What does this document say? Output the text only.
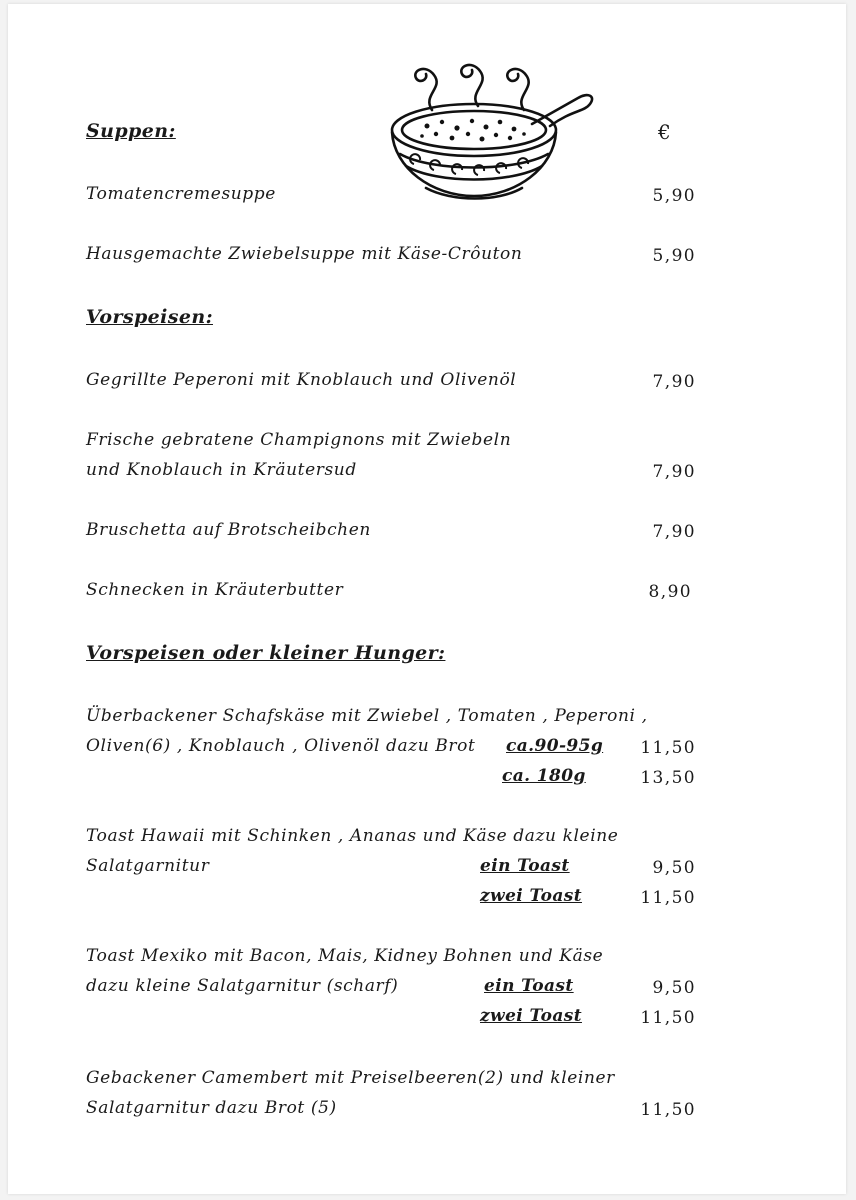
Suppen:	€
Tomatencremesuppe	5,90
Hausgemachte Zwiebelsuppe mit Käse-Crôuton	5,90
Vorspeisen:
Gegrillte Peperoni mit Knoblauch und Olivenöl	7,90
Frische gebratene Champignons mit Zwiebeln
und Knoblauch in Kräutersud	7,90
Bruschetta auf Brotscheibchen	7,90
Schnecken in Kräuterbutter	8,90
Vorspeisen oder kleiner Hunger:
Überbackener Schafskäse mit Zwiebel , Tomaten , Peperoni ,
Oliven(6) , Knoblauch , Olivenöl dazu Brot ca.90-95g	11,50
ca. 180g	13,50
Toast Hawaii mit Schinken , Ananas und Käse dazu kleine
Salatgarnitur	ein Toast	9,50
zwei Toast	11,50
Toast Mexiko mit Bacon, Mais, Kidney Bohnen und Käse
dazu kleine Salatgarnitur (scharf)	ein Toast	9,50
zwei Toast	11,50
Gebackener Camembert mit Preiselbeeren(2) und kleiner
Salatgarnitur dazu Brot (5)	11,50
